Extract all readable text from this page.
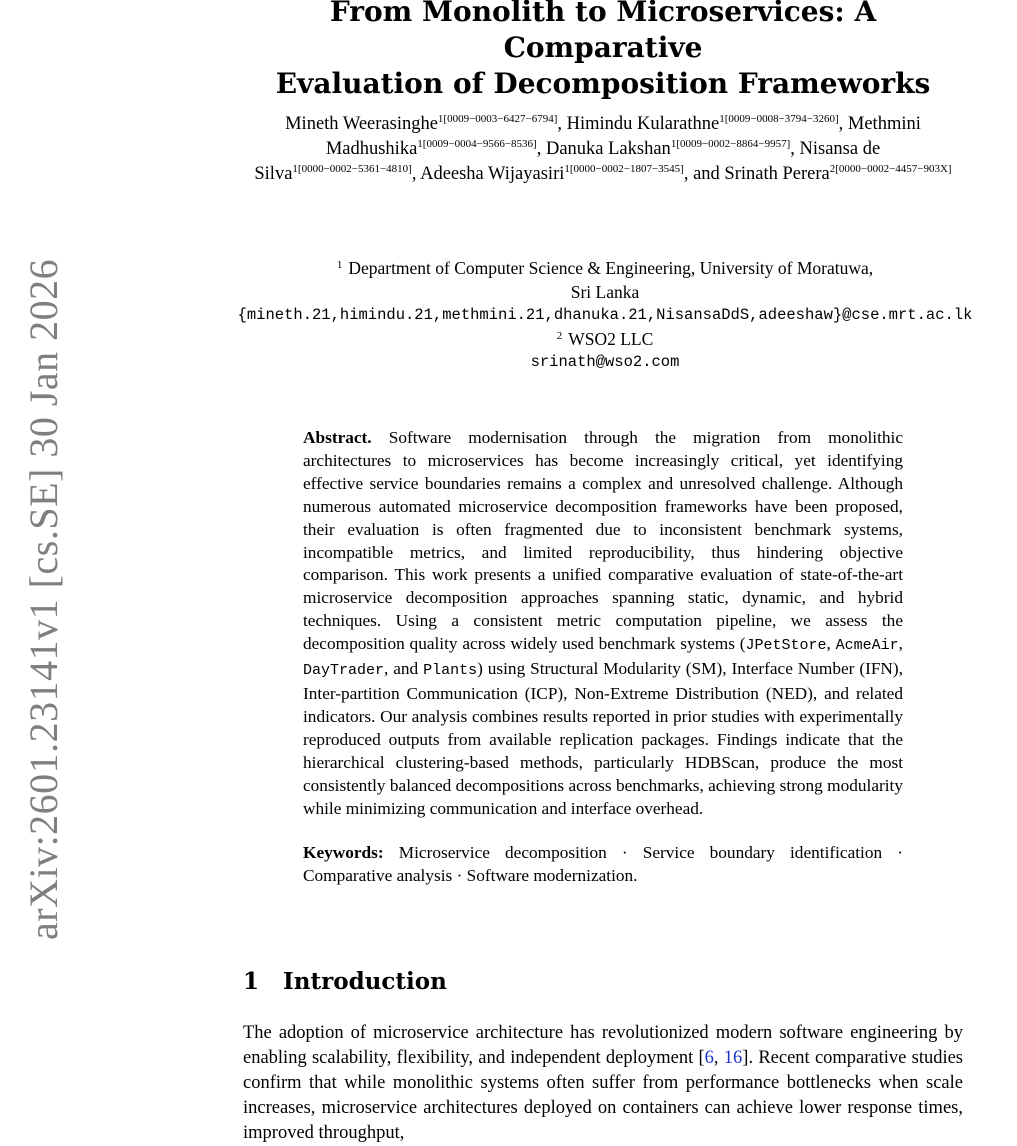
arXiv:2601.23141v1 [cs.SE] 30 Jan 2026
From Monolith to Microservices: A Comparative
Evaluation of Decomposition Frameworks
Mineth Weerasinghe$^{1[0009-0003-6427-6794]}$, Himindu Kularathne$^{1[0009-0008-3794-3260]}$, Methmini Madhushika$^{1[0009-0004-9566-8536]}$, Danuka Lakshan$^{1[0009-0002-8864-9957]}$, Nisansa de Silva$^{1[0000-0002-5361-4810]}$, Adeesha Wijayasiri$^{1[0000-0002-1807-3545]}$, and Srinath Perera$^{2[0000-0002-4457-903X]}$
$^1$ Department of Computer Science & Engineering, University of Moratuwa,
Sri Lanka
{mineth.21,himindu.21,methmini.21,dhanuka.21,NisansaDdS,adeeshaw}@cse.mrt.ac.lk
$^2$ WSO2 LLC
srinath@wso2.com

Abstract. Software modernisation through the migration from monolithic architectures to microservices has become increasingly critical, yet identifying effective service boundaries remains a complex and unresolved challenge. Although numerous automated microservice decomposition frameworks have been proposed, their evaluation is often fragmented due to inconsistent benchmark systems, incompatible metrics, and limited reproducibility, thus hindering objective comparison. This work presents a unified comparative evaluation of state-of-the-art microservice decomposition approaches spanning static, dynamic, and hybrid techniques. Using a consistent metric computation pipeline, we assess the decomposition quality across widely used benchmark systems (JPetStore, AcmeAir, DayTrader, and Plants) using Structural Modularity (SM), Interface Number (IFN), Inter-partition Communication (ICP), Non-Extreme Distribution (NED), and related indicators. Our analysis combines results reported in prior studies with experimentally reproduced outputs from available replication packages. Findings indicate that the hierarchical clustering-based methods, particularly HDBScan, produce the most consistently balanced decompositions across benchmarks, achieving strong modularity while minimizing communication and interface overhead.

Keywords: Microservice decomposition · Service boundary identification · Comparative analysis · Software modernization.

1 Introduction

The adoption of microservice architecture has revolutionized modern software engineering by enabling scalability, flexibility, and independent deployment [6, 16]. Recent comparative studies confirm that while monolithic systems often suffer from performance bottlenecks when scale increases, microservice architectures deployed on containers can achieve lower response times, improved throughput,
